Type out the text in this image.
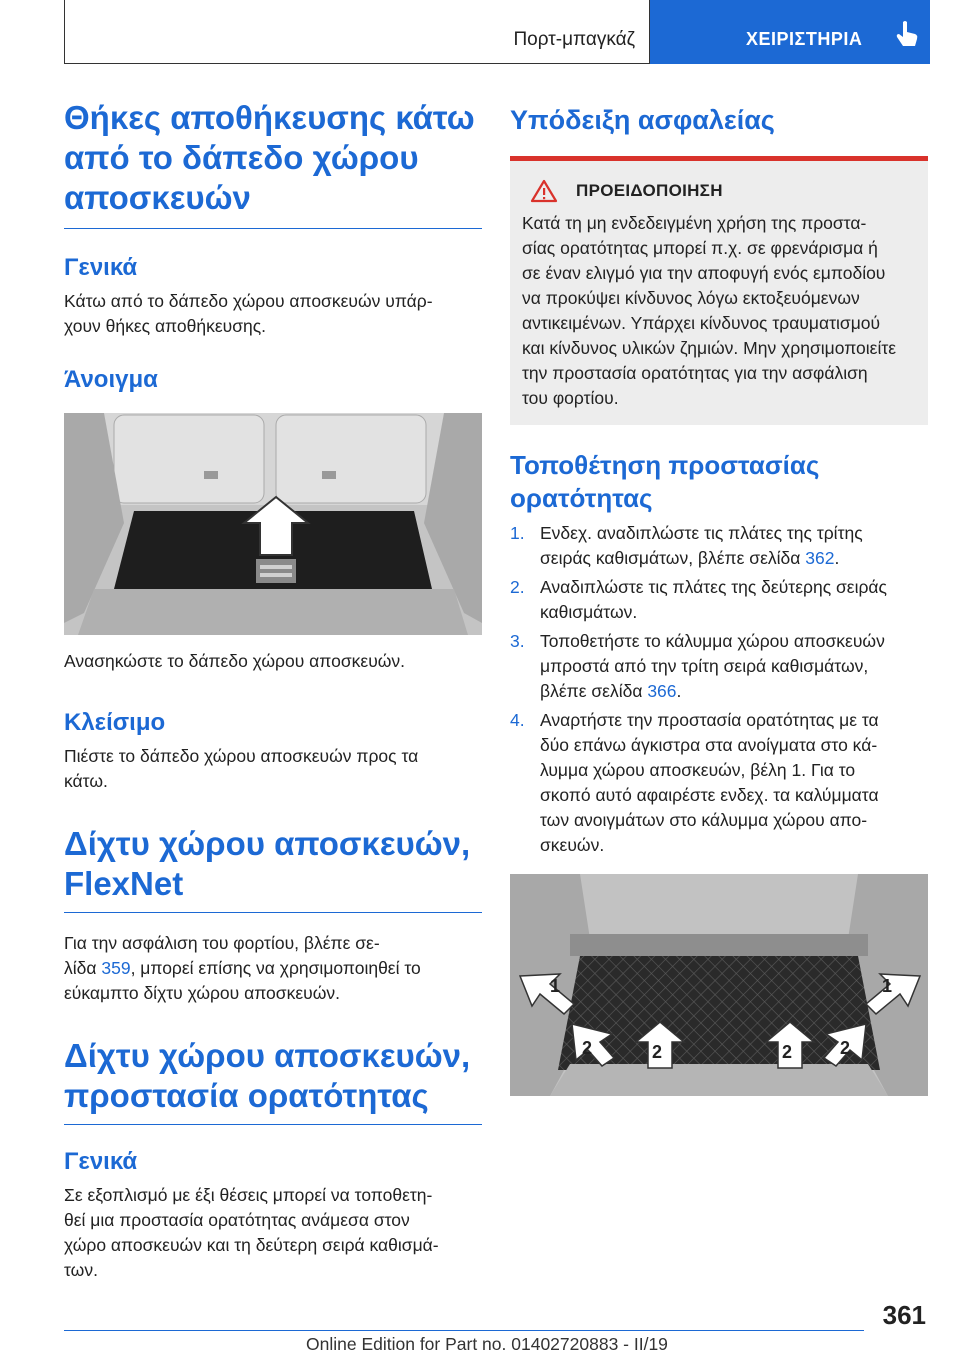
Πορτ-μπαγκάζ	ΧΕΙΡΙΣΤΗΡΙΑ
Θήκες αποθήκευσης κάτω
από το δάπεδο χώρου
αποσκευών
Γενικά
Κάτω από το δάπεδο χώρου αποσκευών υπάρ-
χουν θήκες αποθήκευσης.
Άνοιγμα
Ανασηκώστε το δάπεδο χώρου αποσκευών.
Κλείσιμο
Πιέστε το δάπεδο χώρου αποσκευών προς τα
κάτω.
Δίχτυ χώρου αποσκευών,
FlexNet
Για την ασφάλιση του φορτίου, βλέπε σε-
λίδα 359, μπορεί επίσης να χρησιμοποιηθεί το
εύκαμπτο δίχτυ χώρου αποσκευών.
Δίχτυ χώρου αποσκευών,
προστασία ορατότητας
Γενικά
Σε εξοπλισμό με έξι θέσεις μπορεί να τοποθετη-
θεί μια προστασία ορατότητας ανάμεσα στον
χώρο αποσκευών και τη δεύτερη σειρά καθισμά-
των.
Υπόδειξη ασφαλείας
ΠΡΟΕΙΔΟΠΟΙΗΣΗ
Κατά τη μη ενδεδειγμένη χρήση της προστα-
σίας ορατότητας μπορεί π.χ. σε φρενάρισμα ή
σε έναν ελιγμό για την αποφυγή ενός εμποδίου
να προκύψει κίνδυνος λόγω εκτοξευόμενων
αντικειμένων. Υπάρχει κίνδυνος τραυματισμού
και κίνδυνος υλικών ζημιών. Μην χρησιμοποιείτε
την προστασία ορατότητας για την ασφάλιση
του φορτίου.
Τοποθέτηση προστασίας
ορατότητας
1. Ενδεχ. αναδιπλώστε τις πλάτες της τρίτης
σειράς καθισμάτων, βλέπε σελίδα 362.
2. Αναδιπλώστε τις πλάτες της δεύτερης σειράς
καθισμάτων.
3. Τοποθετήστε το κάλυμμα χώρου αποσκευών
μπροστά από την τρίτη σειρά καθισμάτων,
βλέπε σελίδα 366.
4. Αναρτήστε την προστασία ορατότητας με τα
δύο επάνω άγκιστρα στα ανοίγματα στο κά-
λυμμα χώρου αποσκευών, βέλη 1. Για το
σκοπό αυτό αφαιρέστε ενδεχ. τα καλύμματα
των ανοιγμάτων στο κάλυμμα χώρου απο-
σκευών.
1	1
2	2	2	2
361
Online Edition for Part no. 01402720883 - II/19
